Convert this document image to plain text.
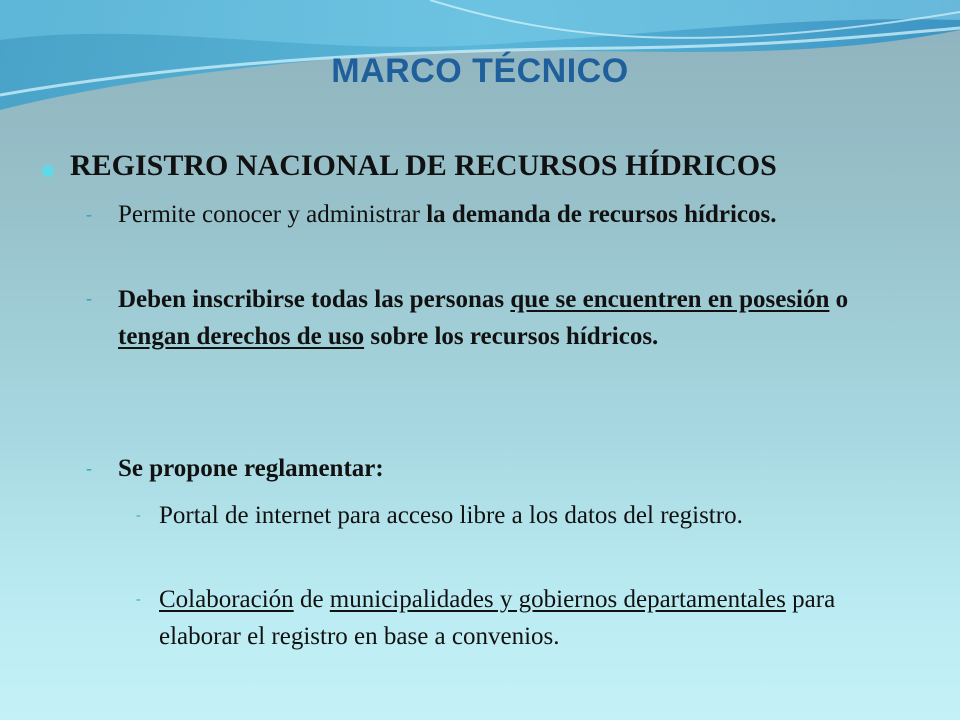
MARCO TÉCNICO
REGISTRO NACIONAL DE RECURSOS HÍDRICOS
- Permite conocer y administrar la demanda de recursos hídricos.
- Deben inscribirse todas las personas que se encuentren en posesión o tengan derechos de uso sobre los recursos hídricos.
- Se propone reglamentar:
- Portal de internet para acceso libre a los datos del registro.
- Colaboración de municipalidades y gobiernos departamentales para elaborar el registro en base a convenios.
